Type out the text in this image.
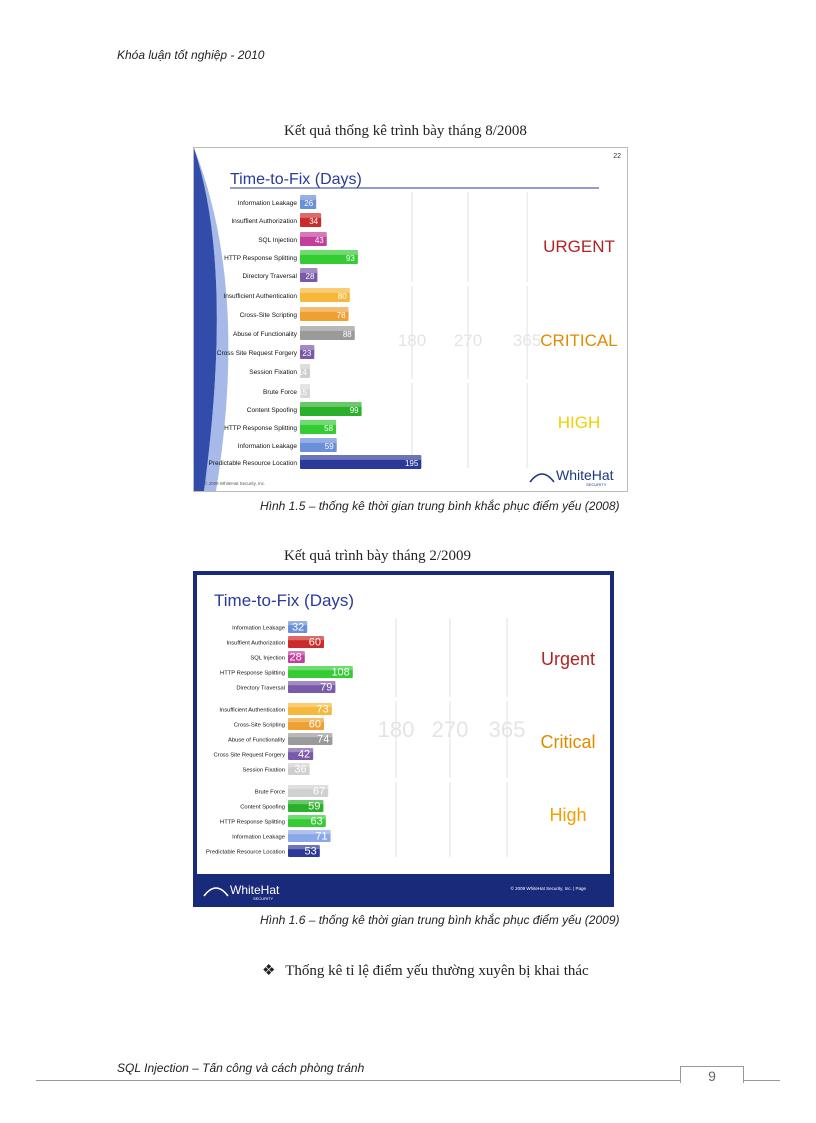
Khóa luận tốt nghiệp - 2010
Kết quả thống kê trình bày tháng 8/2008
Time-to-Fix (Days)
180 270 365
Information Leakage 26
Insuffient Authorization 34
SQL Injection 43
HTTP Response Splitting	93
Directory Traversal 28
Insufficient Authentication	80
Cross-Site Scripting	78
Abuse of Functionality	88
Cross Site Request Forgery 23
Session Fixation 14
Brute Force 15
Content Spoofing	99
HTTP Response Splitting	58
Information Leakage	59
Predictable Resource Location	195
URGENT
CRITICAL
HIGH
22
© 2008 WhiteHat Security, Inc.
WhiteHat
SECURITY
Hình 1.5 – thống kê thời gian trung bình khắc phục điểm yếu (2008)
Kết quả trình bày tháng 2/2009
Time-to-Fix (Days)
180 270 365
Information Leakage 32
Insuffient Authorization 60
SQL Injection 28
HTTP Response Splitting	108
Directory Traversal	79
Insufficient Authentication	73
Cross-Site Scripting 60
Abuse of Functionality	74
Cross Site Request Forgery 42
Session Fixation 36
Brute Force	67
Content Spoofing 59
HTTP Response Splitting 63
Information Leakage	71
Predictable Resource Location 53
Urgent
Critical
High
© 2009 WhiteHat Security, Inc. | Page
WhiteHat
SECURITY
Hình 1.6 – thống kê thời gian trung bình khắc phục điểm yếu (2009)
❖ Thống kê tỉ lệ điểm yếu thường xuyên bị khai thác
SQL Injection – Tấn công và cách phòng tránh	9
